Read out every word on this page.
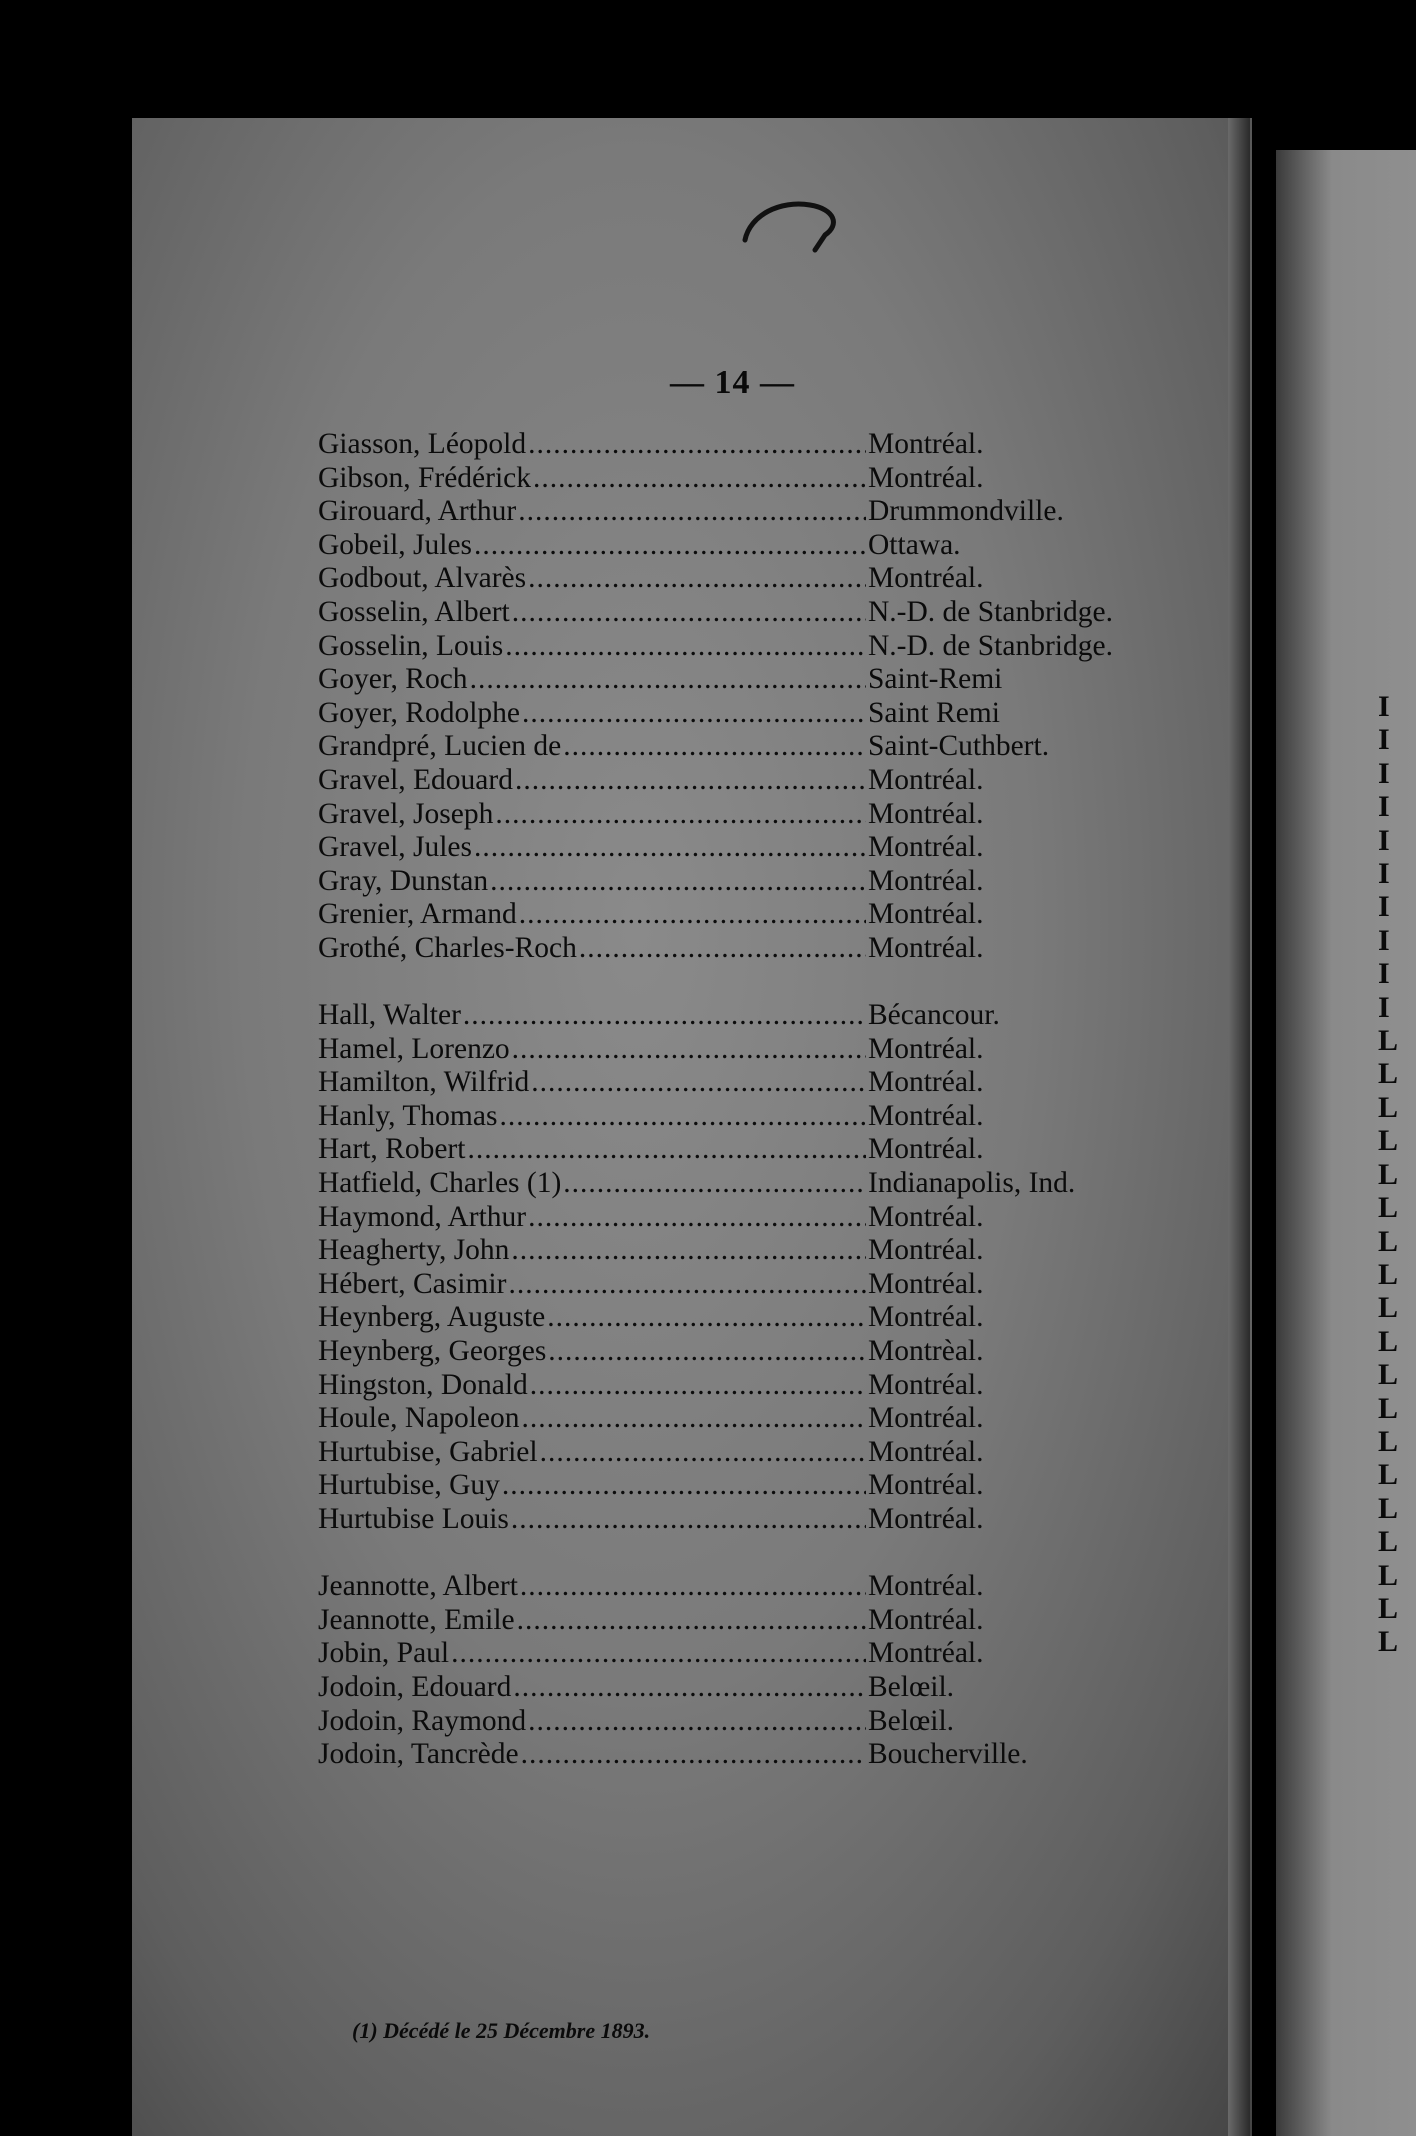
I
I
I
I
I
I
I
I
I
I
L
L
L
L
L
L
L
L
L
L
L
L
L
L
L
L
L
L
L
— 14 —
Giasson, Léopold .....	Montréal.
Gibson, Frédérick .....	Montréal.
Girouard, Arthur .....	Drummondville.
Gobeil, Jules .....	Ottawa.
Godbout, Alvarès .....	Montréal.
Gosselin, Albert .....	N.-D. de Stanbridge.
Gosselin, Louis .....	N.-D. de Stanbridge.
Goyer, Roch .....	Saint-Remi
Goyer, Rodolphe .....	Saint Remi
Grandpré, Lucien de .....	Saint-Cuthbert.
Gravel, Edouard .....	Montréal.
Gravel, Joseph .....	Montréal.
Gravel, Jules .....	Montréal.
Gray, Dunstan .....	Montréal.
Grenier, Armand .....	Montréal.
Grothé, Charles-Roch .....	Montréal.
Hall, Walter .....	Bécancour.
Hamel, Lorenzo .....	Montréal.
Hamilton, Wilfrid .....	Montréal.
Hanly, Thomas .....	Montréal.
Hart, Robert .....	Montréal.
Hatfield, Charles (1) .....	Indianapolis, Ind.
Haymond, Arthur .....	Montréal.
Heagherty, John .....	Montréal.
Hébert, Casimir .....	Montréal.
Heynberg, Auguste .....	Montréal.
Heynberg, Georges .....	Montrèal.
Hingston, Donald .....	Montréal.
Houle, Napoleon .....	Montréal.
Hurtubise, Gabriel .....	Montréal.
Hurtubise, Guy .....	Montréal.
Hurtubise Louis .....	Montréal.
Jeannotte, Albert .....	Montréal.
Jeannotte, Emile .....	Montréal.
Jobin, Paul .....	Montréal.
Jodoin, Edouard .....	Belœil.
Jodoin, Raymond .....	Belœil.
Jodoin, Tancrède .....	Boucherville.
(1) Décédé le 25 Décembre 1893.
